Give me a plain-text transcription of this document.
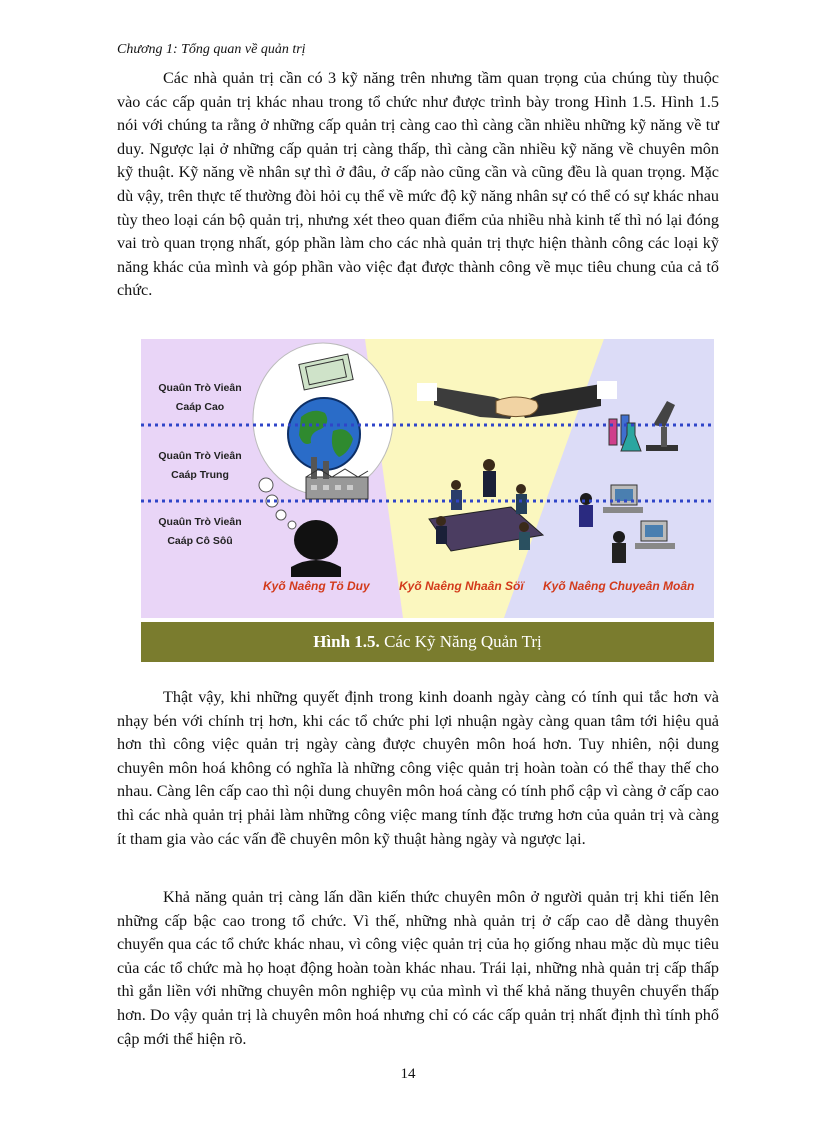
Chương 1: Tổng quan về quản trị

Các nhà quản trị cần có 3 kỹ năng trên nhưng tầm quan trọng của chúng tùy thuộc vào các cấp quản trị khác nhau trong tổ chức như được trình bày trong Hình 1.5. Hình 1.5 nói với chúng ta rằng ở những cấp quản trị càng cao thì càng cần nhiều những kỹ năng về tư duy. Ngược lại ở những cấp quản trị càng thấp, thì càng cần nhiều kỹ năng về chuyên môn kỹ thuật. Kỹ năng về nhân sự thì ở đâu, ở cấp nào cũng cần và cũng đều là quan trọng. Mặc dù vậy, trên thực tế thường đòi hỏi cụ thể về mức độ kỹ năng nhân sự có thể có sự khác nhau tùy theo loại cán bộ quản trị, nhưng xét theo quan điểm của nhiều nhà kinh tế thì nó lại đóng vai trò quan trọng nhất, góp phần làm cho các nhà quản trị thực hiện thành công các loại kỹ năng khác của mình và góp phần vào việc đạt được thành công về mục tiêu chung của cả tổ chức.

Quaûn Trò Vieân
Caáp Cao
Quaûn Trò Vieân
Caáp Trung
Quaûn Trò Vieân
Caáp Cô Sôû
Kyõ Naêng Tö Duy Kyõ Naêng Nhaân Söï Kyõ Naêng Chuyeân Moân
Hình 1.5. Các Kỹ Năng Quản Trị

Thật vậy, khi những quyết định trong kinh doanh ngày càng có tính qui tắc hơn và nhạy bén với chính trị hơn, khi các tổ chức phi lợi nhuận ngày càng quan tâm tới hiệu quả hơn thì công việc quản trị ngày càng được chuyên môn hoá hơn. Tuy nhiên, nội dung chuyên môn hoá không có nghĩa là những công việc quản trị hoàn toàn có thể thay thế cho nhau. Càng lên cấp cao thì nội dung chuyên môn hoá càng có tính phổ cập vì càng ở cấp cao thì các nhà quản trị phải làm những công việc mang tính đặc trưng hơn của quản trị và càng ít tham gia vào các vấn đề chuyên môn kỹ thuật hàng ngày và ngược lại.

Khả năng quản trị càng lấn dần kiến thức chuyên môn ở người quản trị khi tiến lên những cấp bậc cao trong tổ chức. Vì thế, những nhà quản trị ở cấp cao dễ dàng thuyên chuyển qua các tổ chức khác nhau, vì công việc quản trị của họ giống nhau mặc dù mục tiêu của các tổ chức mà họ hoạt động hoàn toàn khác nhau. Trái lại, những nhà quản trị cấp thấp thì gắn liền với những chuyên môn nghiệp vụ của mình vì thế khả năng thuyên chuyển thấp hơn. Do vậy quản trị là chuyên môn hoá nhưng chỉ có các cấp quản trị nhất định thì tính phổ cập mới thể hiện rõ.

14
